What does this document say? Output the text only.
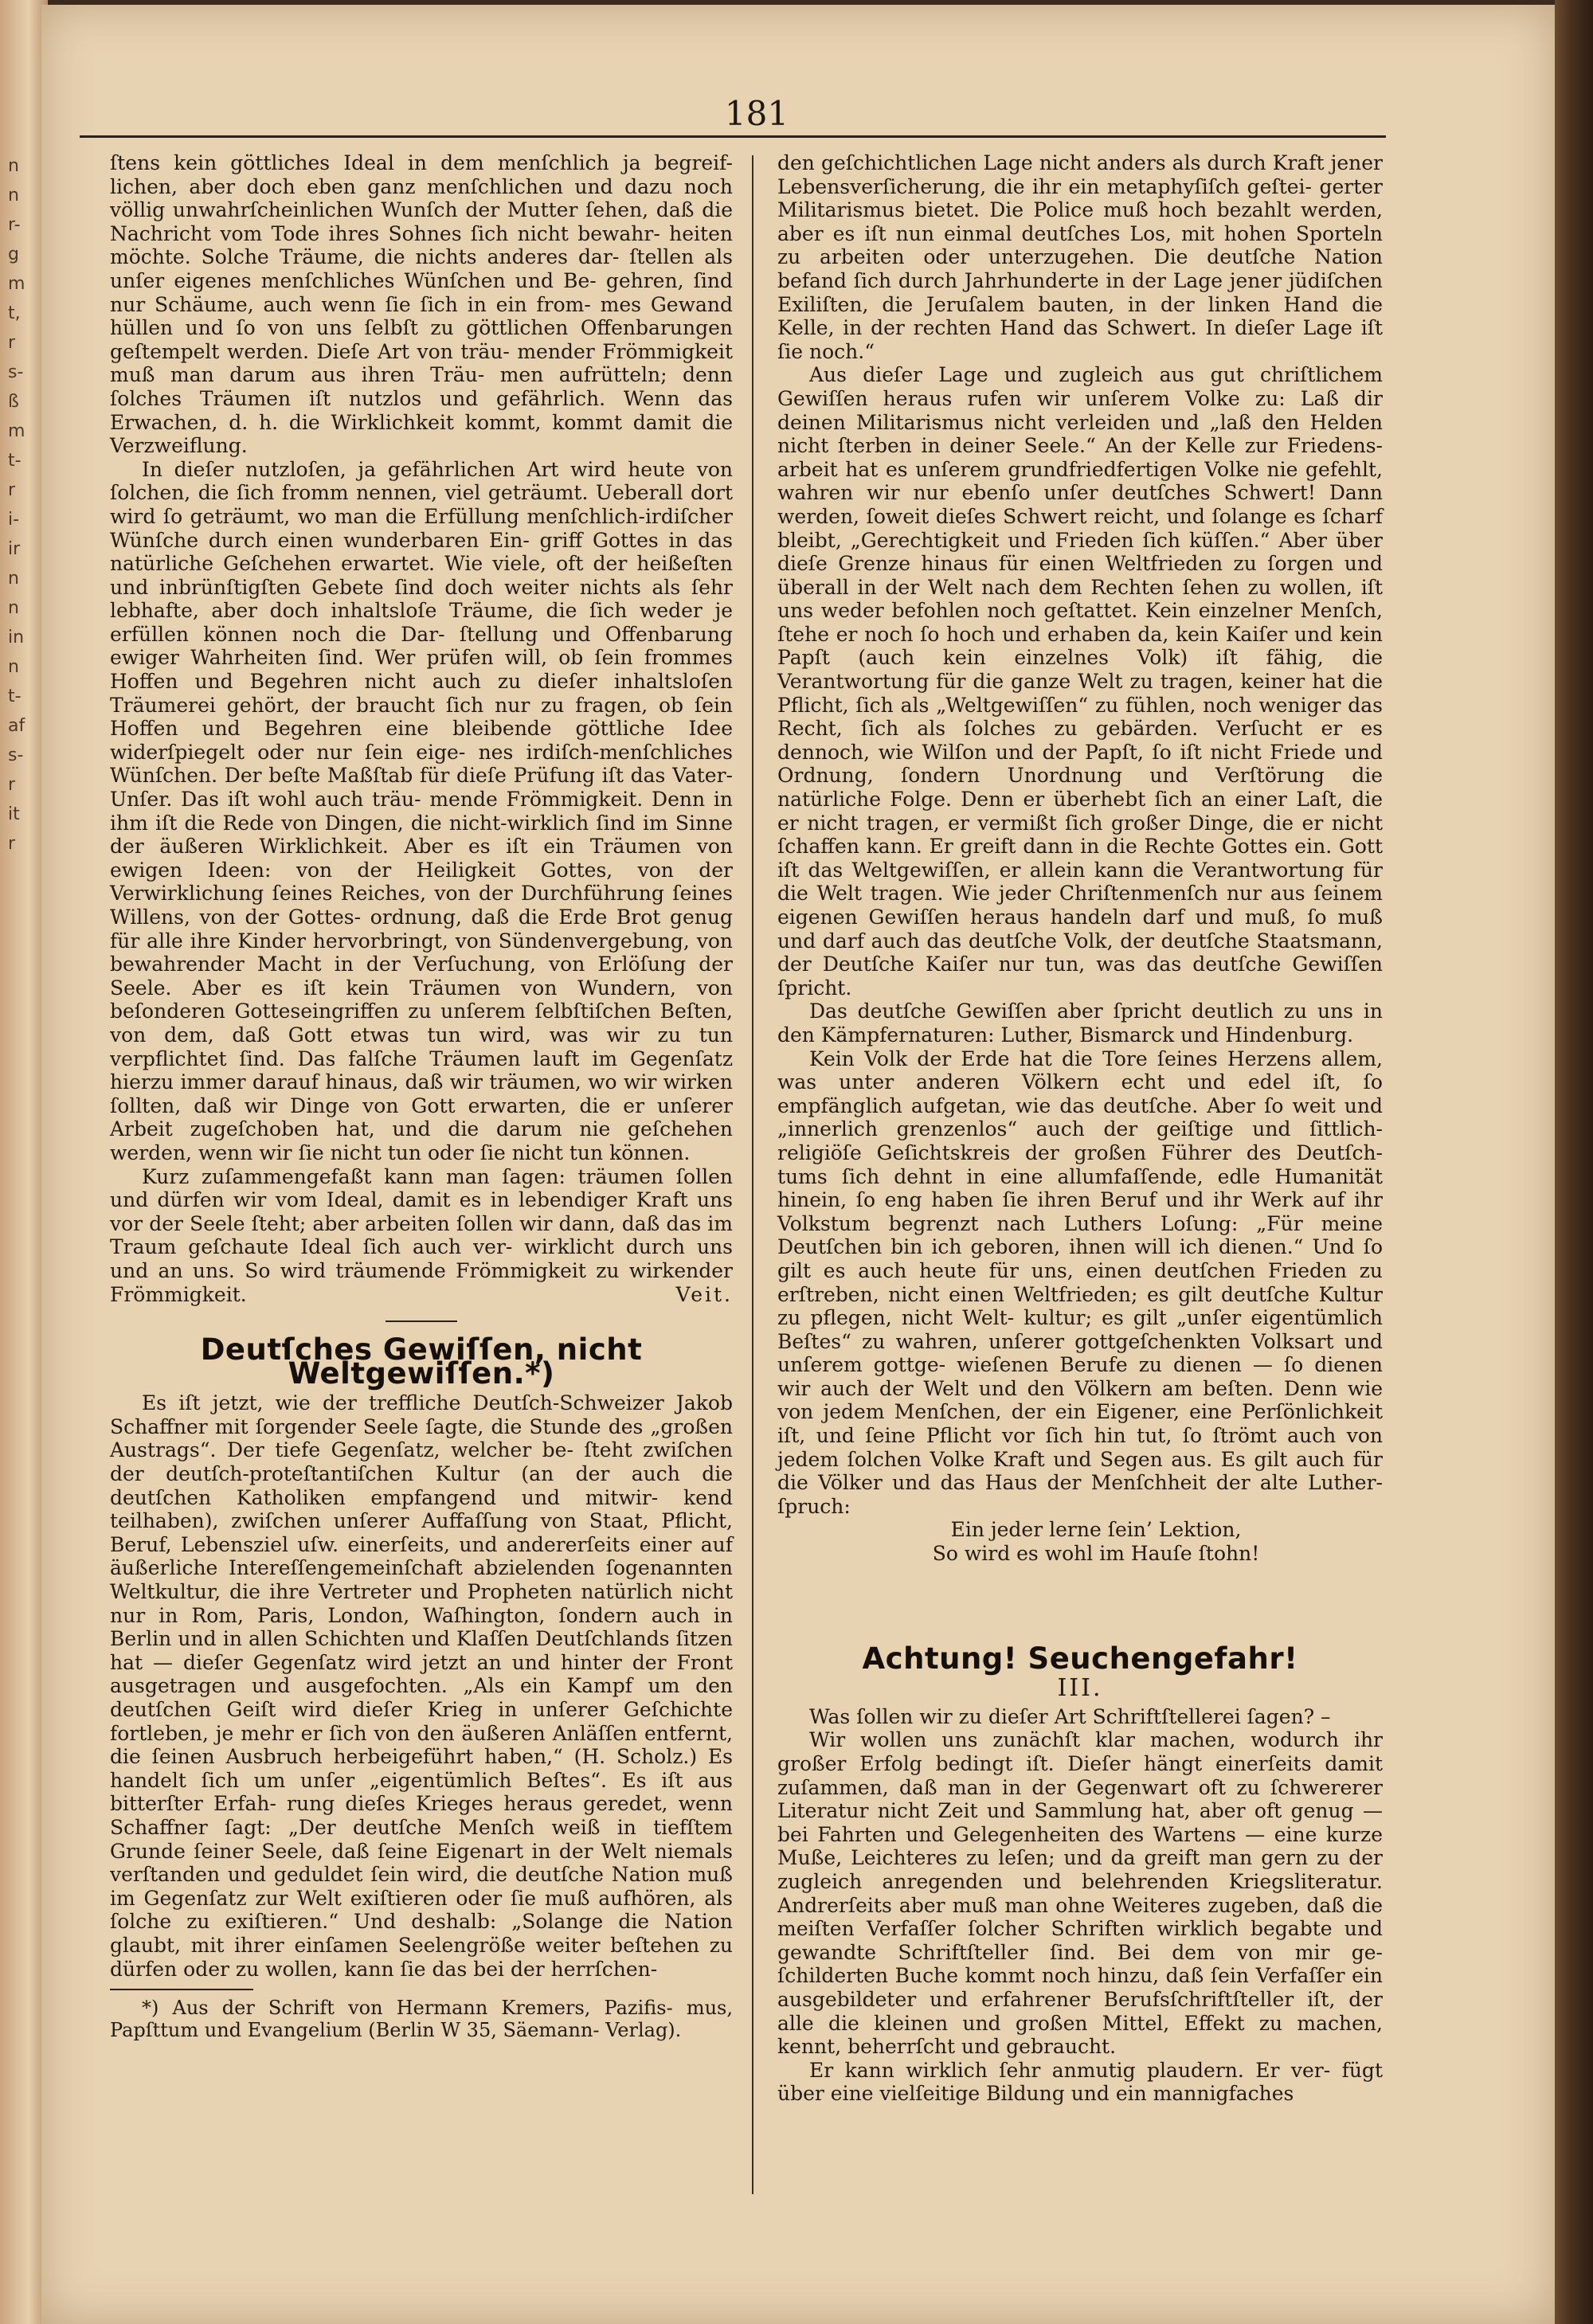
n
n
r-
g
m
t,
r
s-
ß
m
t-
r
i-
ir
n
n
in
n
t-
af
s-
r
it
r
181

ſtens kein göttliches Ideal in dem menſchlich ja begreif- lichen, aber doch eben ganz menſchlichen und dazu noch völlig unwahrſcheinlichen Wunſch der Mutter ſehen, daß die Nachricht vom Tode ihres Sohnes ſich nicht bewahr- heiten möchte. Solche Träume, die nichts anderes dar- ſtellen als unſer eigenes menſchliches Wünſchen und Be- gehren, ſind nur Schäume, auch wenn ſie ſich in ein from- mes Gewand hüllen und ſo von uns ſelbſt zu göttlichen Offenbarungen geſtempelt werden. Dieſe Art von träu- mender Frömmigkeit muß man darum aus ihren Träu- men aufrütteln; denn ſolches Träumen iſt nutzlos und gefährlich. Wenn das Erwachen, d. h. die Wirklichkeit kommt, kommt damit die Verzweiflung.

In dieſer nutzloſen, ja gefährlichen Art wird heute von ſolchen, die ſich fromm nennen, viel geträumt. Ueberall dort wird ſo geträumt, wo man die Erfüllung menſchlich-irdiſcher Wünſche durch einen wunderbaren Ein- griff Gottes in das natürliche Geſchehen erwartet. Wie viele, oft der heißeſten und inbrünſtigſten Gebete ſind doch weiter nichts als ſehr lebhafte, aber doch inhaltsloſe Träume, die ſich weder je erfüllen können noch die Dar- ſtellung und Offenbarung ewiger Wahrheiten ſind. Wer prüfen will, ob ſein frommes Hoffen und Begehren nicht auch zu dieſer inhaltsloſen Träumerei gehört, der braucht ſich nur zu fragen, ob ſein Hoffen und Begehren eine bleibende göttliche Idee widerſpiegelt oder nur ſein eige- nes irdiſch-menſchliches Wünſchen. Der beſte Maßſtab für dieſe Prüfung iſt das Vater-Unſer. Das iſt wohl auch träu- mende Frömmigkeit. Denn in ihm iſt die Rede von Dingen, die nicht-wirklich ſind im Sinne der äußeren Wirklichkeit. Aber es iſt ein Träumen von ewigen Ideen: von der Heiligkeit Gottes, von der Verwirklichung ſeines Reiches, von der Durchführung ſeines Willens, von der Gottes- ordnung, daß die Erde Brot genug für alle ihre Kinder hervorbringt, von Sündenvergebung, von bewahrender Macht in der Verſuchung, von Erlöſung der Seele. Aber es iſt kein Träumen von Wundern, von beſonderen Gotteseingriffen zu unſerem ſelbſtiſchen Beſten, von dem, daß Gott etwas tun wird, was wir zu tun verpflichtet ſind. Das falſche Träumen lauft im Gegenſatz hierzu immer darauf hinaus, daß wir träumen, wo wir wirken ſollten, daß wir Dinge von Gott erwarten, die er unſerer Arbeit zugeſchoben hat, und die darum nie geſchehen werden, wenn wir ſie nicht tun oder ſie nicht tun können.

Kurz zuſammengefaßt kann man ſagen: träumen ſollen und dürfen wir vom Ideal, damit es in lebendiger Kraft uns vor der Seele ſteht; aber arbeiten ſollen wir dann, daß das im Traum geſchaute Ideal ſich auch ver- wirklicht durch uns und an uns. So wird träumende Frömmigkeit zu wirkender Frömmigkeit.	Veit.

Deutſches Gewiſſen, nicht Weltgewiſſen.*)

Es iſt jetzt, wie der treffliche Deutſch-Schweizer Jakob Schaffner mit ſorgender Seele ſagte, die Stunde des „großen Austrags“. Der tiefe Gegenſatz, welcher be- ſteht zwiſchen der deutſch-proteſtantiſchen Kultur (an der auch die deutſchen Katholiken empfangend und mitwir- kend teilhaben), zwiſchen unſerer Auffaſſung von Staat, Pflicht, Beruf, Lebensziel uſw. einerſeits, und andererſeits einer auf äußerliche Intereſſengemeinſchaft abzielenden ſogenannten Weltkultur, die ihre Vertreter und Propheten natürlich nicht nur in Rom, Paris, London, Waſhington, ſondern auch in Berlin und in allen Schichten und Klaſſen Deutſchlands ſitzen hat — dieſer Gegenſatz wird jetzt an und hinter der Front ausgetragen und ausgefochten. „Als ein Kampf um den deutſchen Geiſt wird dieſer Krieg in unſerer Geſchichte fortleben, je mehr er ſich von den äußeren Anläſſen entfernt, die ſeinen Ausbruch herbeigeführt haben,“ (H. Scholz.) Es handelt ſich um unſer „eigentümlich Beſtes“. Es iſt aus bitterſter Erfah- rung dieſes Krieges heraus geredet, wenn Schaffner ſagt: „Der deutſche Menſch weiß in tiefſtem Grunde ſeiner Seele, daß ſeine Eigenart in der Welt niemals verſtanden und geduldet ſein wird, die deutſche Nation muß im Gegenſatz zur Welt exiſtieren oder ſie muß aufhören, als ſolche zu exiſtieren.“ Und deshalb: „Solange die Nation glaubt, mit ihrer einſamen Seelengröße weiter beſtehen zu dürfen oder zu wollen, kann ſie das bei der herrſchen-

*) Aus der Schrift von Hermann Kremers, Pazifis- mus, Papſttum und Evangelium (Berlin W 35, Säemann- Verlag).

den geſchichtlichen Lage nicht anders als durch Kraft jener Lebensverſicherung, die ihr ein metaphyſiſch geſtei- gerter Militarismus bietet. Die Police muß hoch bezahlt werden, aber es iſt nun einmal deutſches Los, mit hohen Sporteln zu arbeiten oder unterzugehen. Die deutſche Nation befand ſich durch Jahrhunderte in der Lage jener jüdiſchen Exiliſten, die Jeruſalem bauten, in der linken Hand die Kelle, in der rechten Hand das Schwert. In dieſer Lage iſt ſie noch.“

Aus dieſer Lage und zugleich aus gut chriſtlichem Gewiſſen heraus rufen wir unſerem Volke zu: Laß dir deinen Militarismus nicht verleiden und „laß den Helden nicht ſterben in deiner Seele.“ An der Kelle zur Friedens- arbeit hat es unſerem grundfriedfertigen Volke nie gefehlt, wahren wir nur ebenſo unſer deutſches Schwert! Dann werden, ſoweit dieſes Schwert reicht, und ſolange es ſcharf bleibt, „Gerechtigkeit und Frieden ſich küſſen.“ Aber über dieſe Grenze hinaus für einen Weltfrieden zu ſorgen und überall in der Welt nach dem Rechten ſehen zu wollen, iſt uns weder befohlen noch geſtattet. Kein einzelner Menſch, ſtehe er noch ſo hoch und erhaben da, kein Kaiſer und kein Papſt (auch kein einzelnes Volk) iſt fähig, die Verantwortung für die ganze Welt zu tragen, keiner hat die Pflicht, ſich als „Weltgewiſſen“ zu fühlen, noch weniger das Recht, ſich als ſolches zu gebärden. Verſucht er es dennoch, wie Wilſon und der Papſt, ſo iſt nicht Friede und Ordnung, ſondern Unordnung und Verſtörung die natürliche Folge. Denn er überhebt ſich an einer Laſt, die er nicht tragen, er vermißt ſich großer Dinge, die er nicht ſchaffen kann. Er greift dann in die Rechte Gottes ein. Gott iſt das Weltgewiſſen, er allein kann die Verantwortung für die Welt tragen. Wie jeder Chriſtenmenſch nur aus ſeinem eigenen Gewiſſen heraus handeln darf und muß, ſo muß und darf auch das deutſche Volk, der deutſche Staatsmann, der Deutſche Kaiſer nur tun, was das deutſche Gewiſſen ſpricht.

Das deutſche Gewiſſen aber ſpricht deutlich zu uns in den Kämpfernaturen: Luther, Bismarck und Hindenburg.

Kein Volk der Erde hat die Tore ſeines Herzens allem, was unter anderen Völkern echt und edel iſt, ſo empfänglich aufgetan, wie das deutſche. Aber ſo weit und „innerlich grenzenlos“ auch der geiſtige und ſittlich- religiöſe Geſichtskreis der großen Führer des Deutſch- tums ſich dehnt in eine allumfaſſende, edle Humanität hinein, ſo eng haben ſie ihren Beruf und ihr Werk auf ihr Volkstum begrenzt nach Luthers Loſung: „Für meine Deutſchen bin ich geboren, ihnen will ich dienen.“ Und ſo gilt es auch heute für uns, einen deutſchen Frieden zu erſtreben, nicht einen Weltfrieden; es gilt deutſche Kultur zu pflegen, nicht Welt- kultur; es gilt „unſer eigentümlich Beſtes“ zu wahren, unſerer gottgeſchenkten Volksart und unſerem gottge- wieſenen Berufe zu dienen — ſo dienen wir auch der Welt und den Völkern am beſten. Denn wie von jedem Menſchen, der ein Eigener, eine Perſönlichkeit iſt, und ſeine Pflicht vor ſich hin tut, ſo ſtrömt auch von jedem ſolchen Volke Kraft und Segen aus. Es gilt auch für die Völker und das Haus der Menſchheit der alte Luther- ſpruch:

Ein jeder lerne ſein’ Lektion,
So wird es wohl im Hauſe ſtohn!

Achtung! Seuchengefahr!
III.

Was ſollen wir zu dieſer Art Schriftſtellerei ſagen? –

Wir wollen uns zunächſt klar machen, wodurch ihr großer Erfolg bedingt iſt. Dieſer hängt einerſeits damit zuſammen, daß man in der Gegenwart oft zu ſchwererer Literatur nicht Zeit und Sammlung hat, aber oft genug — bei Fahrten und Gelegenheiten des Wartens — eine kurze Muße, Leichteres zu leſen; und da greift man gern zu der zugleich anregenden und belehrenden Kriegsliteratur. Andrerſeits aber muß man ohne Weiteres zugeben, daß die meiſten Verfaſſer ſolcher Schriften wirklich begabte und gewandte Schriftſteller ſind. Bei dem von mir ge- ſchilderten Buche kommt noch hinzu, daß ſein Verfaſſer ein ausgebildeter und erfahrener Berufsſchriftſteller iſt, der alle die kleinen und großen Mittel, Effekt zu machen, kennt, beherrſcht und gebraucht.

Er kann wirklich ſehr anmutig plaudern. Er ver- fügt über eine vielſeitige Bildung und ein mannigfaches
